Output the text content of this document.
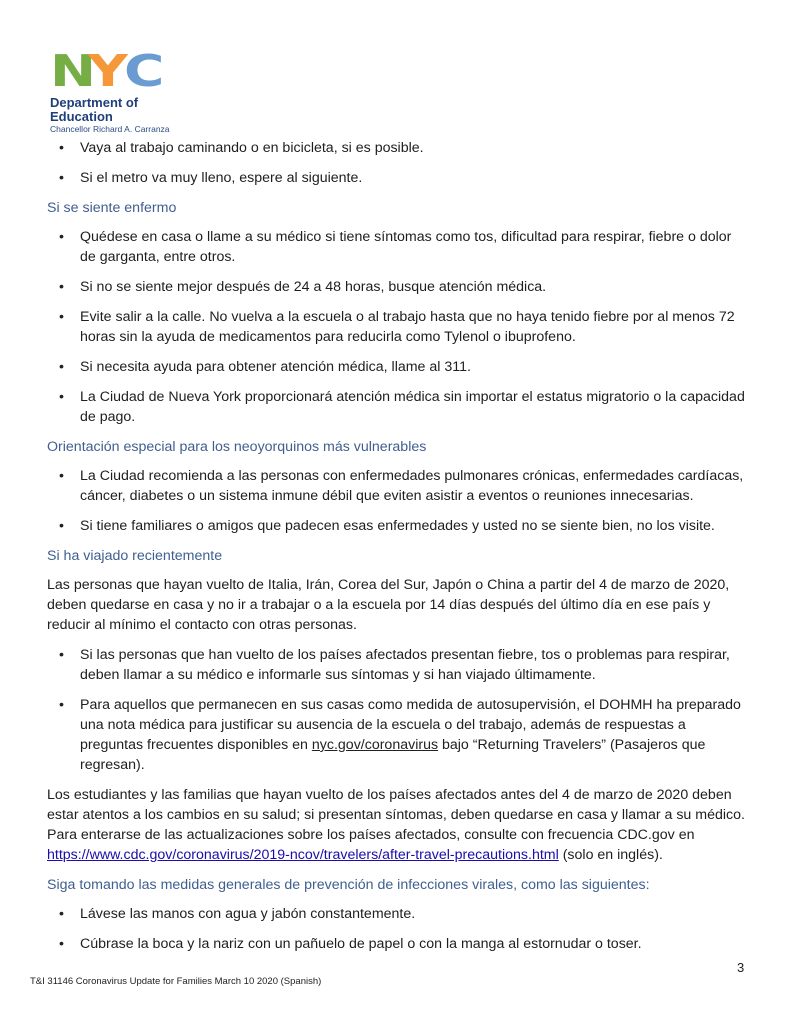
N
Y
C
Department of
Education
Chancellor Richard A. Carranza
• Vaya al trabajo caminando o en bicicleta, si es posible.
• Si el metro va muy lleno, espere al siguiente.
Si se siente enfermo
• Quédese en casa o llame a su médico si tiene síntomas como tos, dificultad para respirar, fiebre o dolor de garganta, entre otros.
• Si no se siente mejor después de 24 a 48 horas, busque atención médica.
• Evite salir a la calle. No vuelva a la escuela o al trabajo hasta que no haya tenido fiebre por al menos 72 horas sin la ayuda de medicamentos para reducirla como Tylenol o ibuprofeno.
• Si necesita ayuda para obtener atención médica, llame al 311.
• La Ciudad de Nueva York proporcionará atención médica sin importar el estatus migratorio o la capacidad de pago.
Orientación especial para los neoyorquinos más vulnerables
• La Ciudad recomienda a las personas con enfermedades pulmonares crónicas, enfermedades cardíacas, cáncer, diabetes o un sistema inmune débil que eviten asistir a eventos o reuniones innecesarias.
• Si tiene familiares o amigos que padecen esas enfermedades y usted no se siente bien, no los visite.
Si ha viajado recientemente

Las personas que hayan vuelto de Italia, Irán, Corea del Sur, Japón o China a partir del 4 de marzo de 2020, deben quedarse en casa y no ir a trabajar o a la escuela por 14 días después del último día en ese país y reducir al mínimo el contacto con otras personas.

• Si las personas que han vuelto de los países afectados presentan fiebre, tos o problemas para respirar, deben llamar a su médico e informarle sus síntomas y si han viajado últimamente.
• Para aquellos que permanecen en sus casas como medida de autosupervisión, el DOHMH ha preparado una nota médica para justificar su ausencia de la escuela o del trabajo, además de respuestas a preguntas frecuentes disponibles en nyc.gov/coronavirus bajo “Returning Travelers” (Pasajeros que regresan).

Los estudiantes y las familias que hayan vuelto de los países afectados antes del 4 de marzo de 2020 deben estar atentos a los cambios en su salud; si presentan síntomas, deben quedarse en casa y llamar a su médico. Para enterarse de las actualizaciones sobre los países afectados, consulte con frecuencia CDC.gov en https://www.cdc.gov/coronavirus/2019-ncov/travelers/after-travel-precautions.html (solo en inglés).

Siga tomando las medidas generales de prevención de infecciones virales, como las siguientes:
• Lávese las manos con agua y jabón constantemente.
• Cúbrase la boca y la nariz con un pañuelo de papel o con la manga al estornudar o toser.
3
T&I 31146 Coronavirus Update for Families March 10 2020 (Spanish)
